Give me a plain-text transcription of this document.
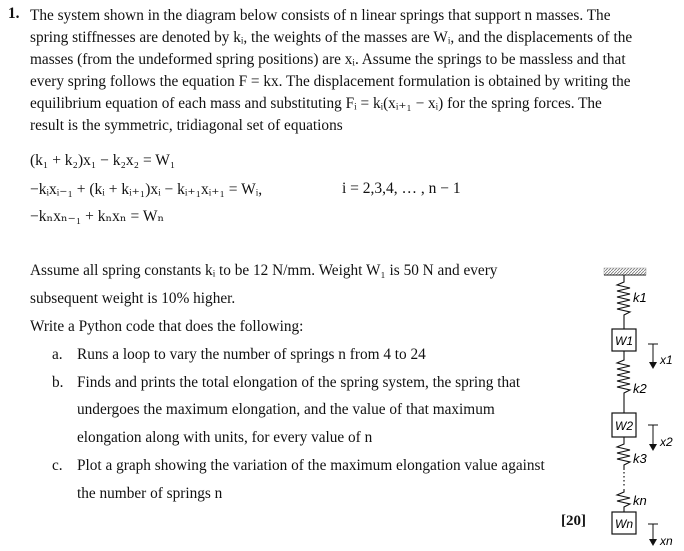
1. The system shown in the diagram below consists of n linear springs that support n masses. The
spring stiffnesses are denoted by kᵢ, the weights of the masses are Wᵢ, and the displacements of the
masses (from the undeformed spring positions) are xᵢ. Assume the springs to be massless and that
every spring follows the equation F = kx. The displacement formulation is obtained by writing the
equilibrium equation of each mass and substituting Fᵢ = kᵢ(xᵢ₊₁ − xᵢ) for the spring forces. The
result is the symmetric, tridiagonal set of equations
(k₁ + k₂)x₁ − k₂x₂ = W₁
−kᵢxᵢ₋₁ + (kᵢ + kᵢ₊₁)xᵢ − kᵢ₊₁xᵢ₊₁ = Wᵢ,	i = 2,3,4, … , n − 1
−kₙxₙ₋₁ + kₙxₙ = Wₙ
Assume all spring constants kᵢ to be 12 N/mm. Weight W₁ is 50 N and every
subsequent weight is 10% higher.
Write a Python code that does the following:
a. Runs a loop to vary the number of springs n from 4 to 24
b. Finds and prints the total elongation of the spring system, the spring that
undergoes the maximum elongation, and the value of that maximum
elongation along with units, for every value of n
c. Plot a graph showing the variation of the maximum elongation value against
the number of springs n
[20]
k1
W1
x1
k2
W2
x2
k3
kn
Wn
xn
